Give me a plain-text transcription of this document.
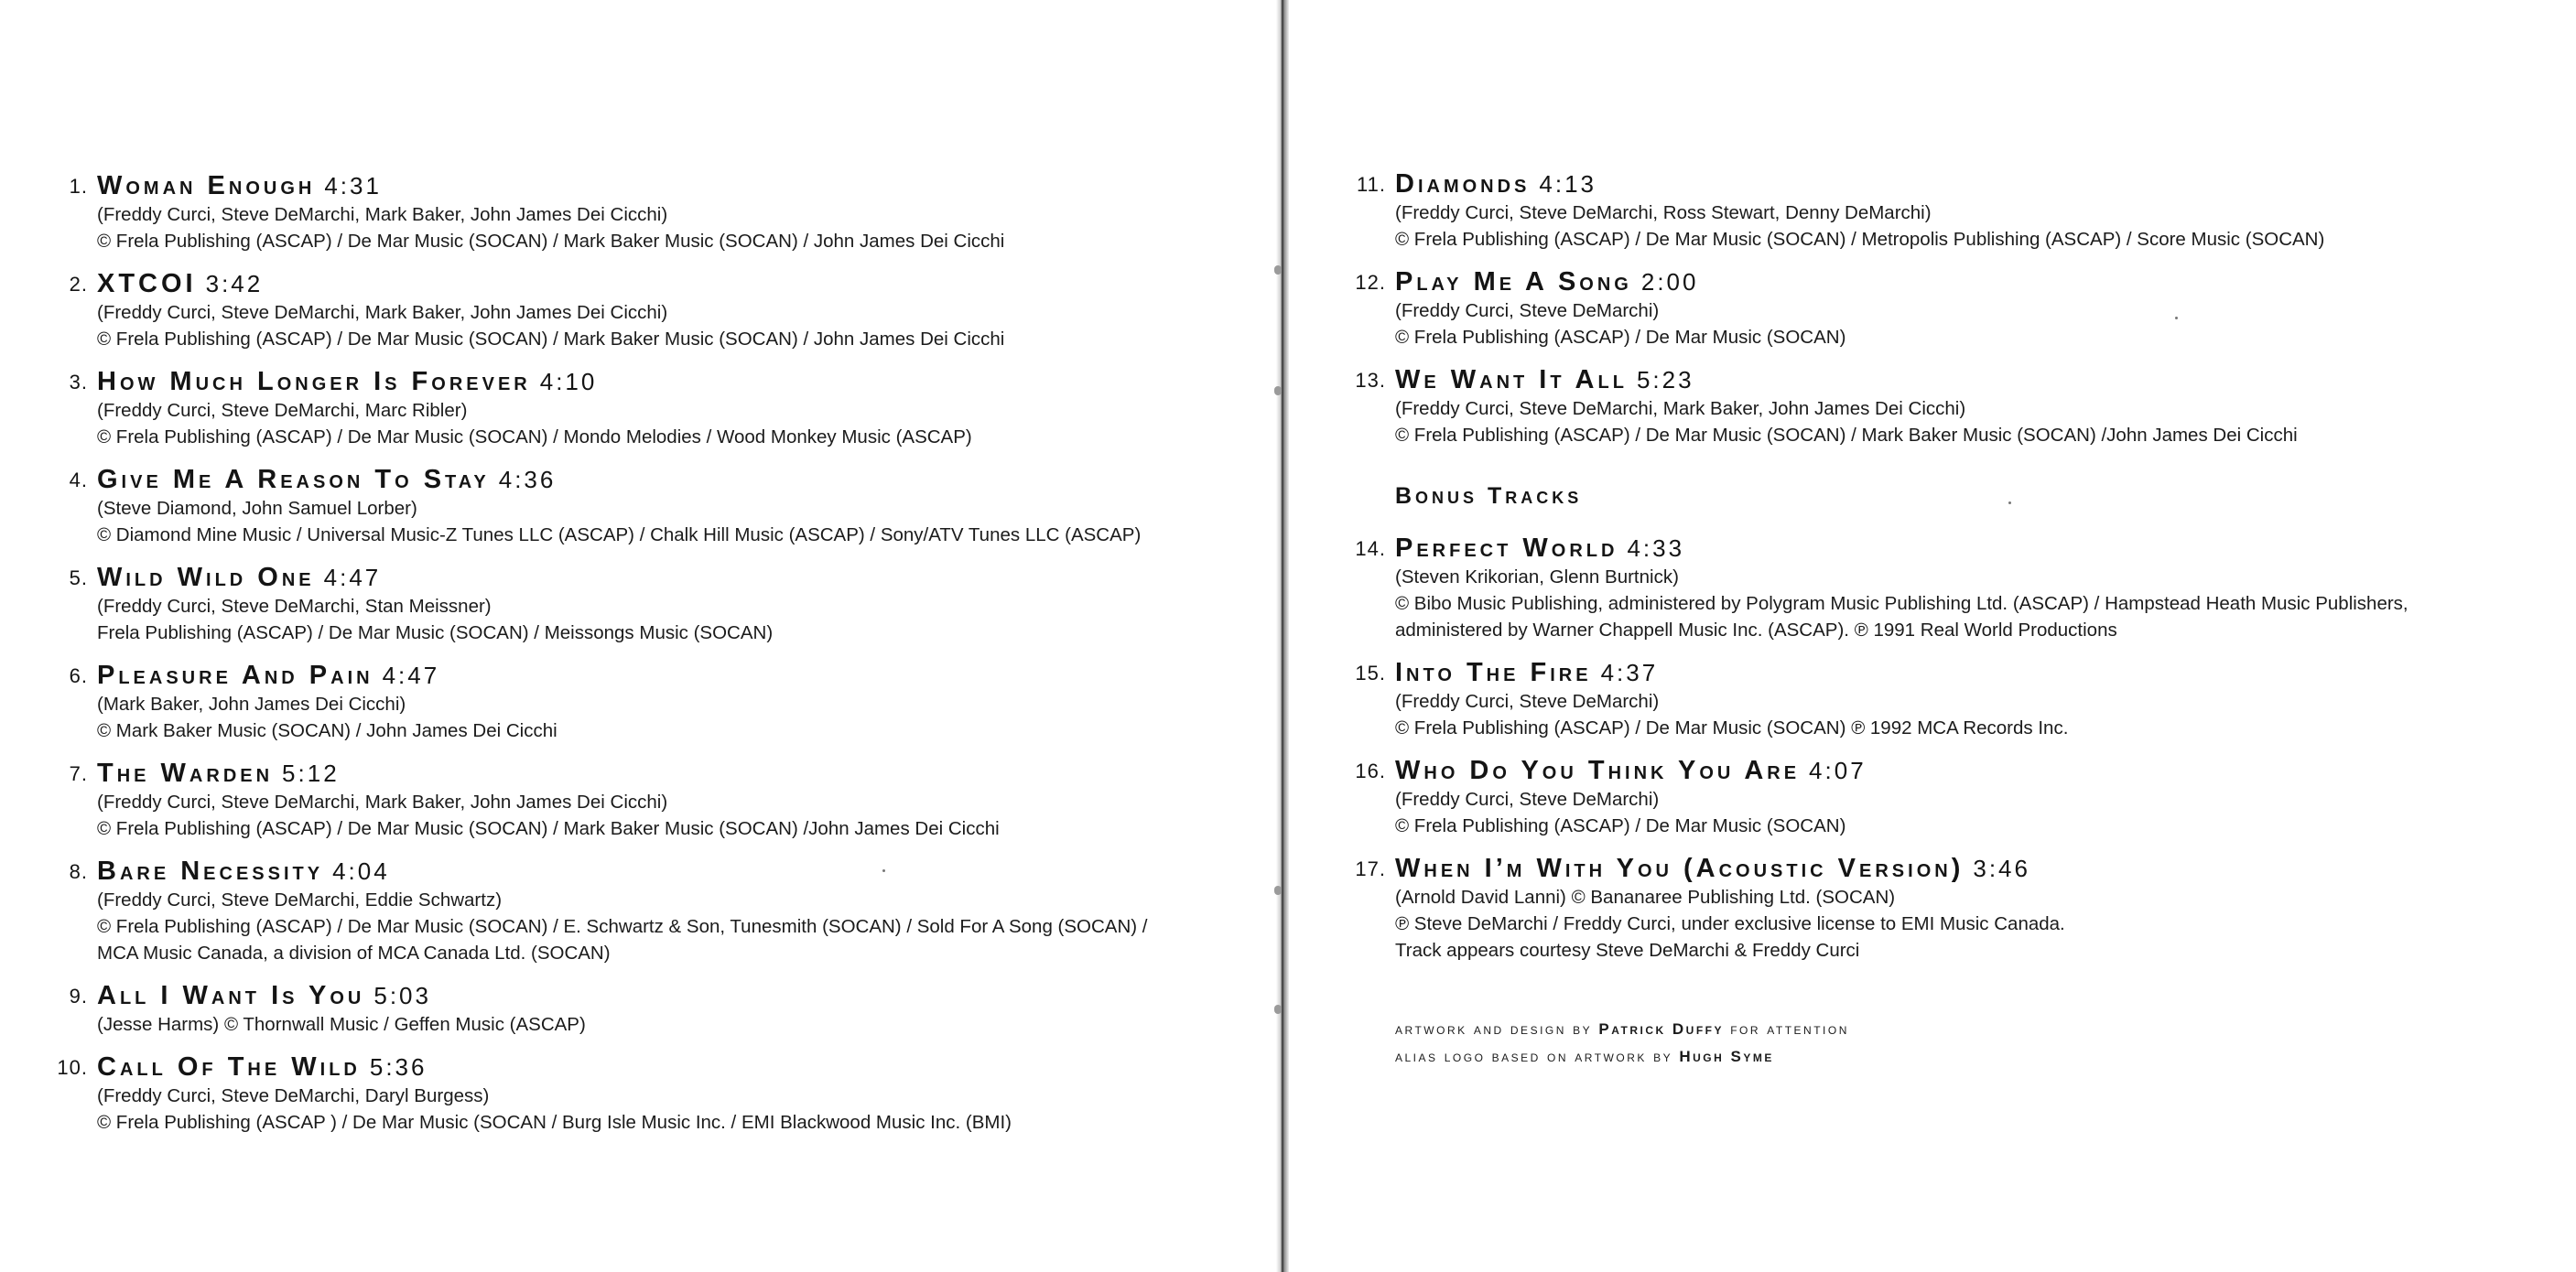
1. Woman Enough 4:31
(Freddy Curci, Steve DeMarchi, Mark Baker, John James Dei Cicchi)
© Frela Publishing (ASCAP) / De Mar Music (SOCAN) / Mark Baker Music (SOCAN) / John James Dei Cicchi
2. XTCOI 3:42
(Freddy Curci, Steve DeMarchi, Mark Baker, John James Dei Cicchi)
© Frela Publishing (ASCAP) / De Mar Music (SOCAN) / Mark Baker Music (SOCAN) / John James Dei Cicchi
3. How Much Longer Is Forever 4:10
(Freddy Curci, Steve DeMarchi, Marc Ribler)
© Frela Publishing (ASCAP) / De Mar Music (SOCAN) / Mondo Melodies / Wood Monkey Music (ASCAP)
4. Give Me A Reason To Stay 4:36
(Steve Diamond, John Samuel Lorber)
© Diamond Mine Music / Universal Music-Z Tunes LLC (ASCAP) / Chalk Hill Music (ASCAP) / Sony/ATV Tunes LLC (ASCAP)
5. Wild Wild One 4:47
(Freddy Curci, Steve DeMarchi, Stan Meissner)
Frela Publishing (ASCAP) / De Mar Music (SOCAN) / Meissongs Music (SOCAN)
6. Pleasure And Pain 4:47
(Mark Baker, John James Dei Cicchi)
© Mark Baker Music (SOCAN) / John James Dei Cicchi
7. The Warden 5:12
(Freddy Curci, Steve DeMarchi, Mark Baker, John James Dei Cicchi)
© Frela Publishing (ASCAP) / De Mar Music (SOCAN) / Mark Baker Music (SOCAN) /John James Dei Cicchi
8. Bare Necessity 4:04
(Freddy Curci, Steve DeMarchi, Eddie Schwartz)
© Frela Publishing (ASCAP) / De Mar Music (SOCAN) / E. Schwartz & Son, Tunesmith (SOCAN) / Sold For A Song (SOCAN) /
MCA Music Canada, a division of MCA Canada Ltd. (SOCAN)
9. All I Want Is You 5:03
(Jesse Harms) © Thornwall Music / Geffen Music (ASCAP)
10. Call Of The Wild 5:36
(Freddy Curci, Steve DeMarchi, Daryl Burgess)
© Frela Publishing (ASCAP ) / De Mar Music (SOCAN / Burg Isle Music Inc. / EMI Blackwood Music Inc. (BMI)
11. Diamonds 4:13
(Freddy Curci, Steve DeMarchi, Ross Stewart, Denny DeMarchi)
© Frela Publishing (ASCAP) / De Mar Music (SOCAN) / Metropolis Publishing (ASCAP) / Score Music (SOCAN)
12. Play Me A Song 2:00
(Freddy Curci, Steve DeMarchi)
© Frela Publishing (ASCAP) / De Mar Music (SOCAN)
13. We Want It All 5:23
(Freddy Curci, Steve DeMarchi, Mark Baker, John James Dei Cicchi)
© Frela Publishing (ASCAP) / De Mar Music (SOCAN) / Mark Baker Music (SOCAN) /John James Dei Cicchi
Bonus Tracks
14. Perfect World 4:33
(Steven Krikorian, Glenn Burtnick)
© Bibo Music Publishing, administered by Polygram Music Publishing Ltd. (ASCAP) / Hampstead Heath Music Publishers,
administered by Warner Chappell Music Inc. (ASCAP). ℗ 1991 Real World Productions
15. Into The Fire 4:37
(Freddy Curci, Steve DeMarchi)
© Frela Publishing (ASCAP) / De Mar Music (SOCAN) ℗ 1992 MCA Records Inc.
16. Who Do You Think You Are 4:07
(Freddy Curci, Steve DeMarchi)
© Frela Publishing (ASCAP) / De Mar Music (SOCAN)
17. When I’m With You (Acoustic Version) 3:46
(Arnold David Lanni) © Bananaree Publishing Ltd. (SOCAN)
℗ Steve DeMarchi / Freddy Curci, under exclusive license to EMI Music Canada.
Track appears courtesy Steve DeMarchi & Freddy Curci
artwork and design by Patrick Duffy for attention
alias logo based on artwork by Hugh Syme
